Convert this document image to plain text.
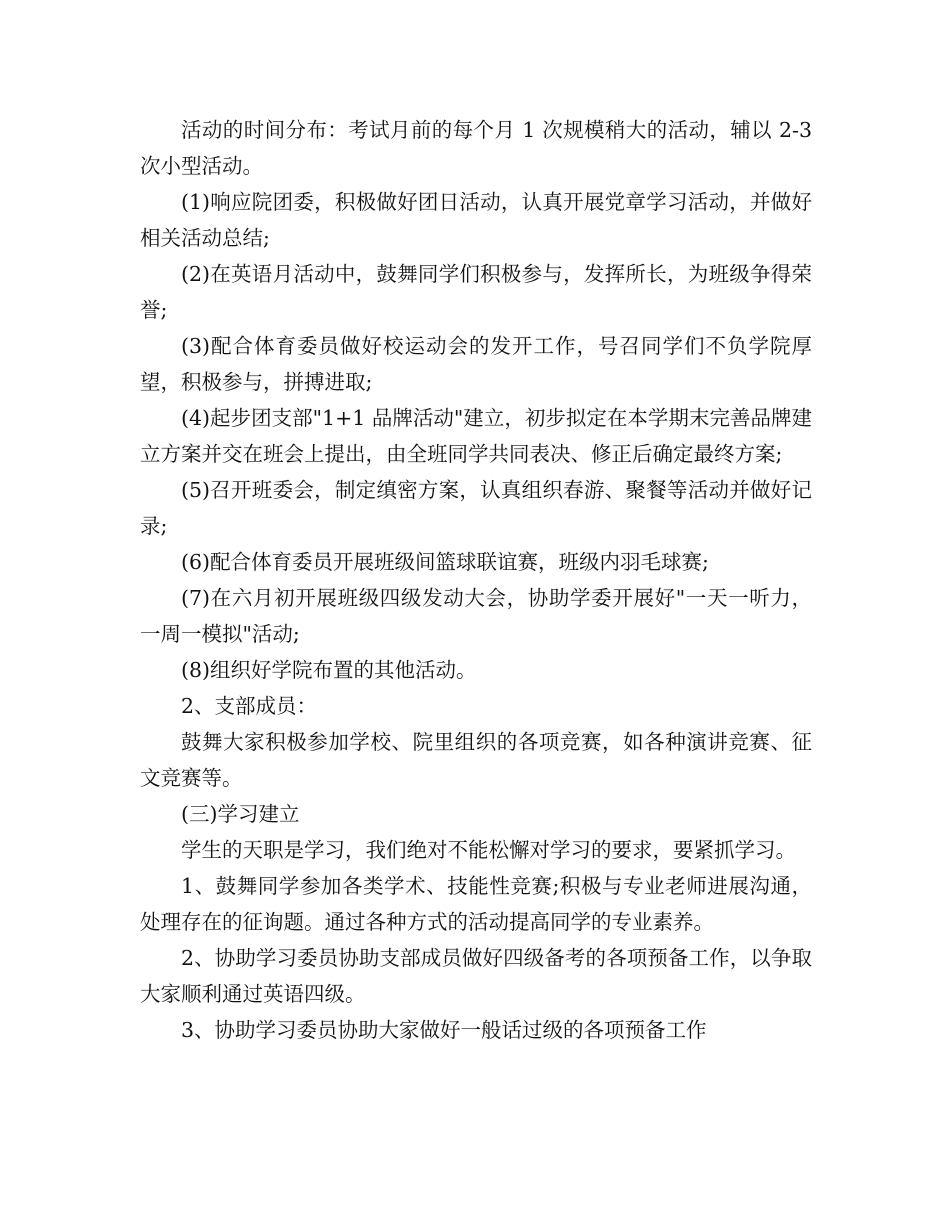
活动的时间分布：考试月前的每个月 1 次规模稍大的活动，辅以 2-3 次小型活动。

(1)响应院团委，积极做好团日活动，认真开展党章学习活动，并做好相关活动总结;

(2)在英语月活动中，鼓舞同学们积极参与，发挥所长，为班级争得荣誉;

(3)配合体育委员做好校运动会的发开工作，号召同学们不负学院厚望，积极参与，拼搏进取;

(4)起步团支部"1+1 品牌活动"建立，初步拟定在本学期末完善品牌建立方案并交在班会上提出，由全班同学共同表决、修正后确定最终方案;

(5)召开班委会，制定缜密方案，认真组织春游、聚餐等活动并做好记录;

(6)配合体育委员开展班级间篮球联谊赛，班级内羽毛球赛;

(7)在六月初开展班级四级发动大会，协助学委开展好"一天一听力，一周一模拟"活动;

(8)组织好学院布置的其他活动。

2、支部成员：

鼓舞大家积极参加学校、院里组织的各项竞赛，如各种演讲竞赛、征文竞赛等。

(三)学习建立

学生的天职是学习，我们绝对不能松懈对学习的要求，要紧抓学习。

1、鼓舞同学参加各类学术、技能性竞赛;积极与专业老师进展沟通，处理存在的征询题。通过各种方式的活动提高同学的专业素养。

2、协助学习委员协助支部成员做好四级备考的各项预备工作，以争取大家顺利通过英语四级。

3、协助学习委员协助大家做好一般话过级的各项预备工作
